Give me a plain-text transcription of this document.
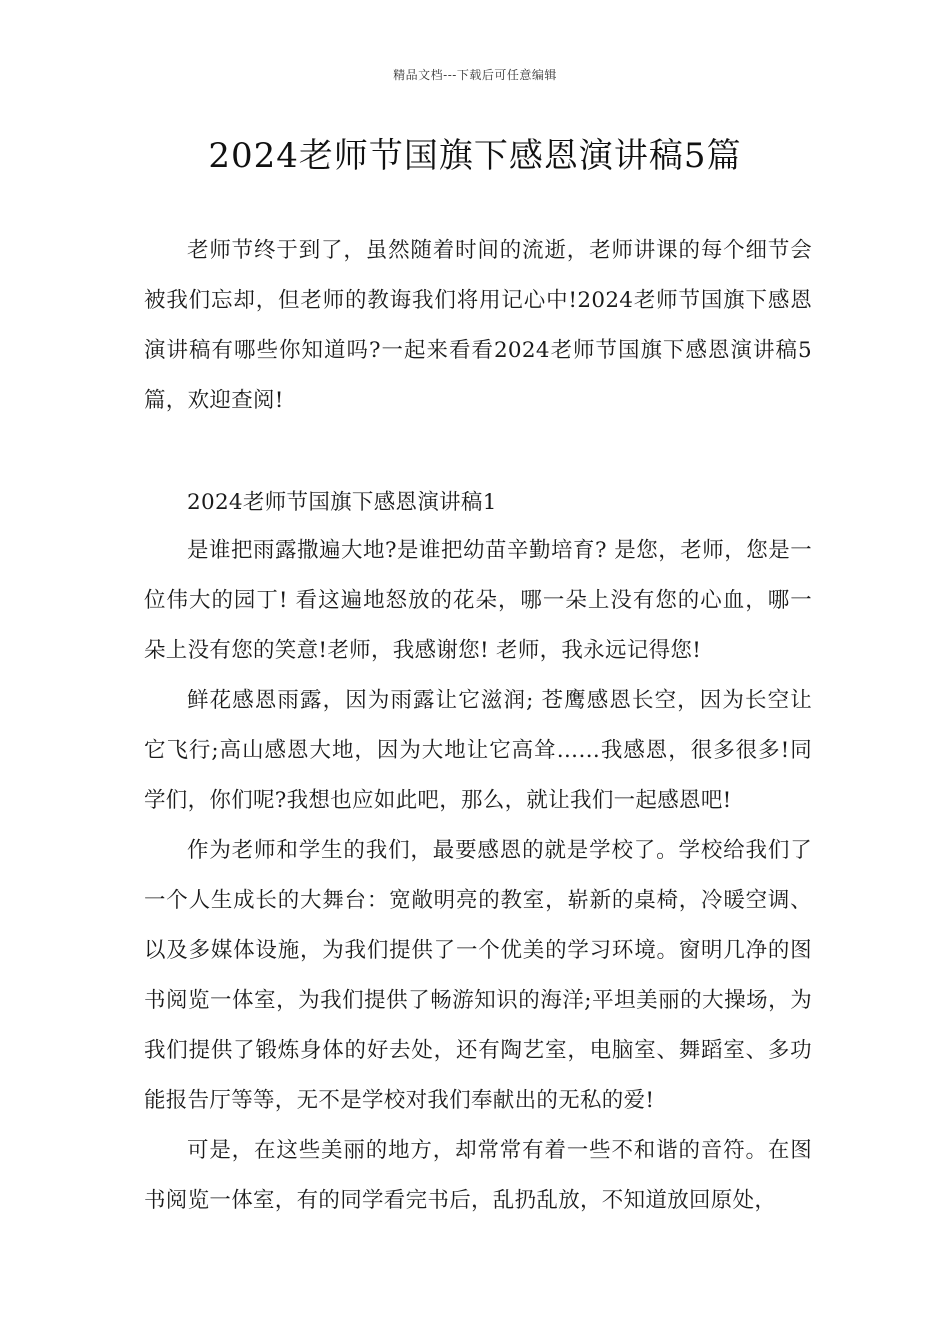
精品文档---下载后可任意编辑
2024老师节国旗下感恩演讲稿5篇

老师节终于到了，虽然随着时间的流逝，老师讲课的每个细节会被我们忘却，但老师的教诲我们将用记心中!2024老师节国旗下感恩演讲稿有哪些你知道吗?一起来看看2024老师节国旗下感恩演讲稿5篇，欢迎查阅!

2024老师节国旗下感恩演讲稿1

是谁把雨露撒遍大地?是谁把幼苗辛勤培育? 是您，老师，您是一位伟大的园丁! 看这遍地怒放的花朵，哪一朵上没有您的心血，哪一朵上没有您的笑意!老师，我感谢您! 老师，我永远记得您!

鲜花感恩雨露，因为雨露让它滋润; 苍鹰感恩长空，因为长空让它飞行;高山感恩大地，因为大地让它高耸……我感恩，很多很多!同学们，你们呢?我想也应如此吧，那么，就让我们一起感恩吧!

作为老师和学生的我们，最要感恩的就是学校了。学校给我们了一个人生成长的大舞台：宽敞明亮的教室，崭新的桌椅，冷暖空调、以及多媒体设施，为我们提供了一个优美的学习环境。窗明几净的图书阅览一体室，为我们提供了畅游知识的海洋;平坦美丽的大操场，为我们提供了锻炼身体的好去处，还有陶艺室，电脑室、舞蹈室、多功能报告厅等等，无不是学校对我们奉献出的无私的爱!

可是，在这些美丽的地方，却常常有着一些不和谐的音符。在图书阅览一体室，有的同学看完书后，乱扔乱放，不知道放回原处，
